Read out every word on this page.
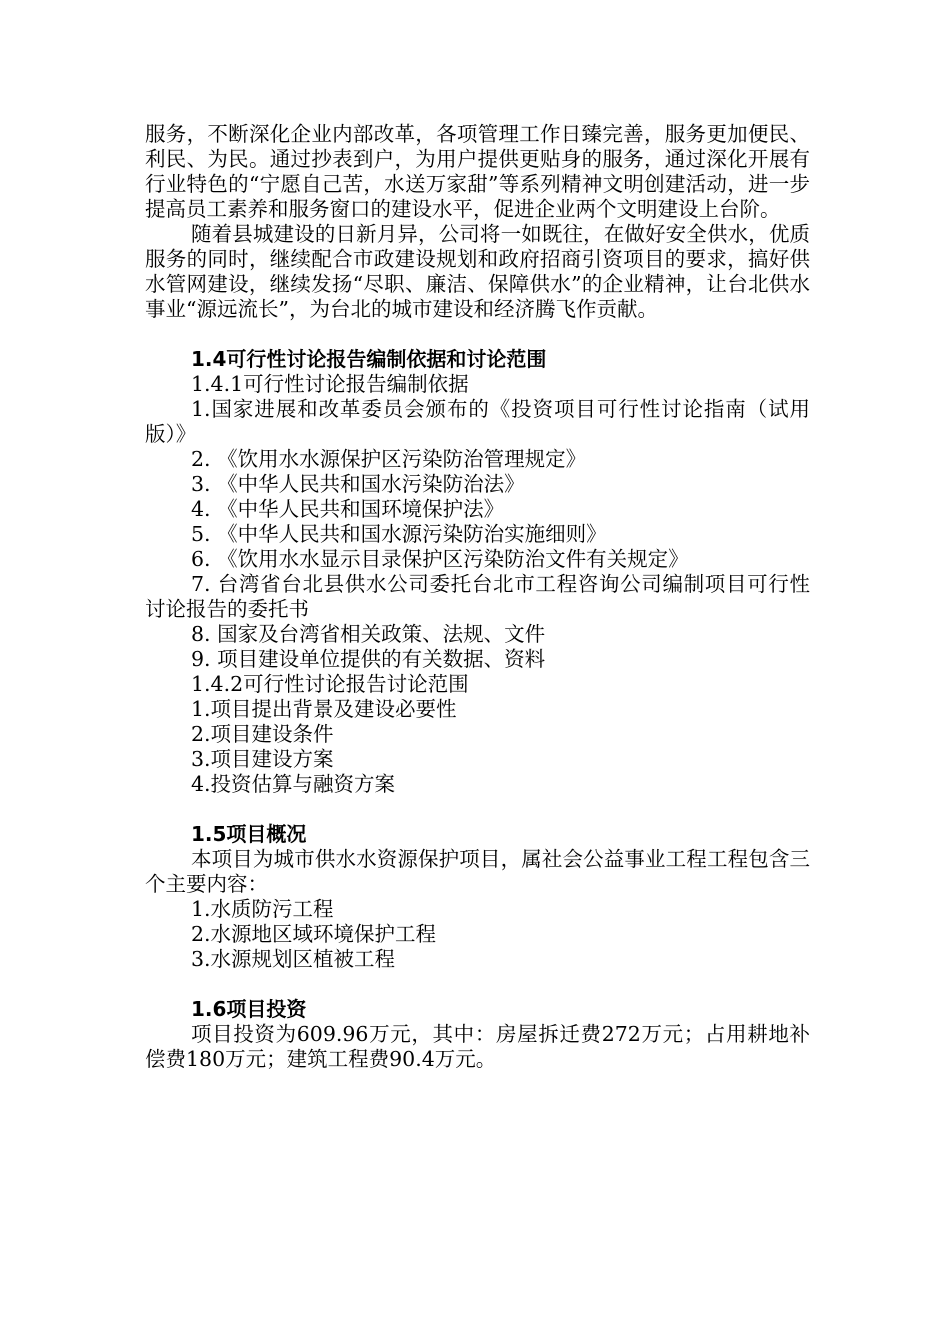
服务，不断深化企业内部改革，各项管理工作日臻完善，服务更加便民、利民、为民。通过抄表到户，为用户提供更贴身的服务，通过深化开展有行业特色的“宁愿自己苦，水送万家甜”等系列精神文明创建活动，进一步提高员工素养和服务窗口的建设水平，促进企业两个文明建设上台阶。

随着县城建设的日新月异，公司将一如既往，在做好安全供水，优质服务的同时，继续配合市政建设规划和政府招商引资项目的要求，搞好供水管网建设，继续发扬“尽职、廉洁、保障供水”的企业精神，让台北供水事业“源远流长”，为台北的城市建设和经济腾飞作贡献。

1.4可行性讨论报告编制依据和讨论范围

1.4.1可行性讨论报告编制依据

1.国家进展和改革委员会颁布的《投资项目可行性讨论指南（试用版）》

2. 《饮用水水源保护区污染防治管理规定》

3. 《中华人民共和国水污染防治法》

4. 《中华人民共和国环境保护法》

5. 《中华人民共和国水源污染防治实施细则》

6. 《饮用水水显示目录保护区污染防治文件有关规定》

7. 台湾省台北县供水公司委托台北市工程咨询公司编制项目可行性讨论报告的委托书

8. 国家及台湾省相关政策、法规、文件

9. 项目建设单位提供的有关数据、资料

1.4.2可行性讨论报告讨论范围

1.项目提出背景及建设必要性

2.项目建设条件

3.项目建设方案

4.投资估算与融资方案

1.5项目概况

本项目为城市供水水资源保护项目，属社会公益事业工程工程包含三个主要内容：

1.水质防污工程

2.水源地区域环境保护工程

3.水源规划区植被工程

1.6项目投资

项目投资为609.96万元，其中：房屋拆迁费272万元；占用耕地补偿费180万元；建筑工程费90.4万元。
